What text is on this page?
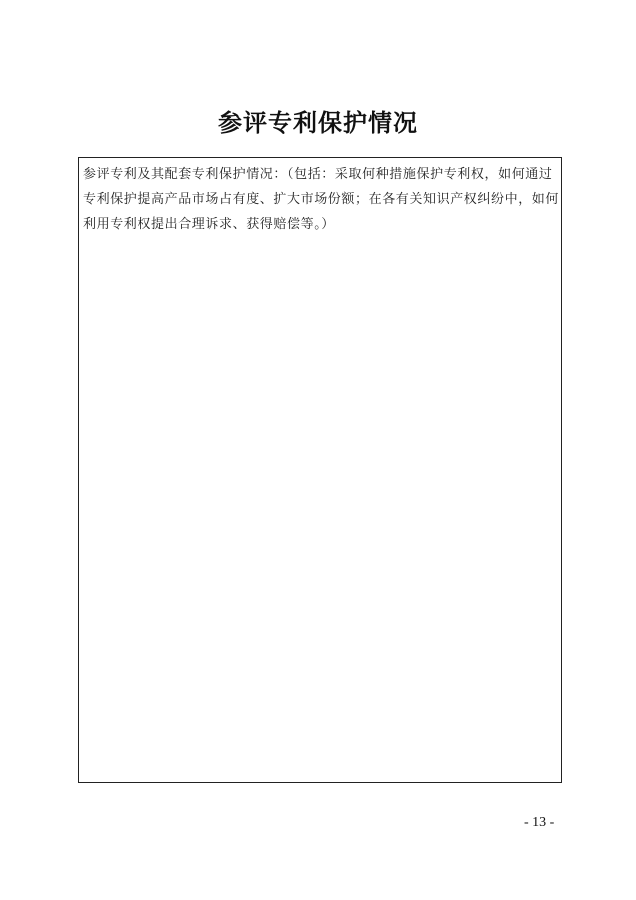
参评专利保护情况

参评专利及其配套专利保护情况：（包括：采取何种措施保护专利权，如何通过专利保护提高产品市场占有度、扩大市场份额；在各有关知识产权纠纷中，如何利用专利权提出合理诉求、获得赔偿等。）

- 13 -
